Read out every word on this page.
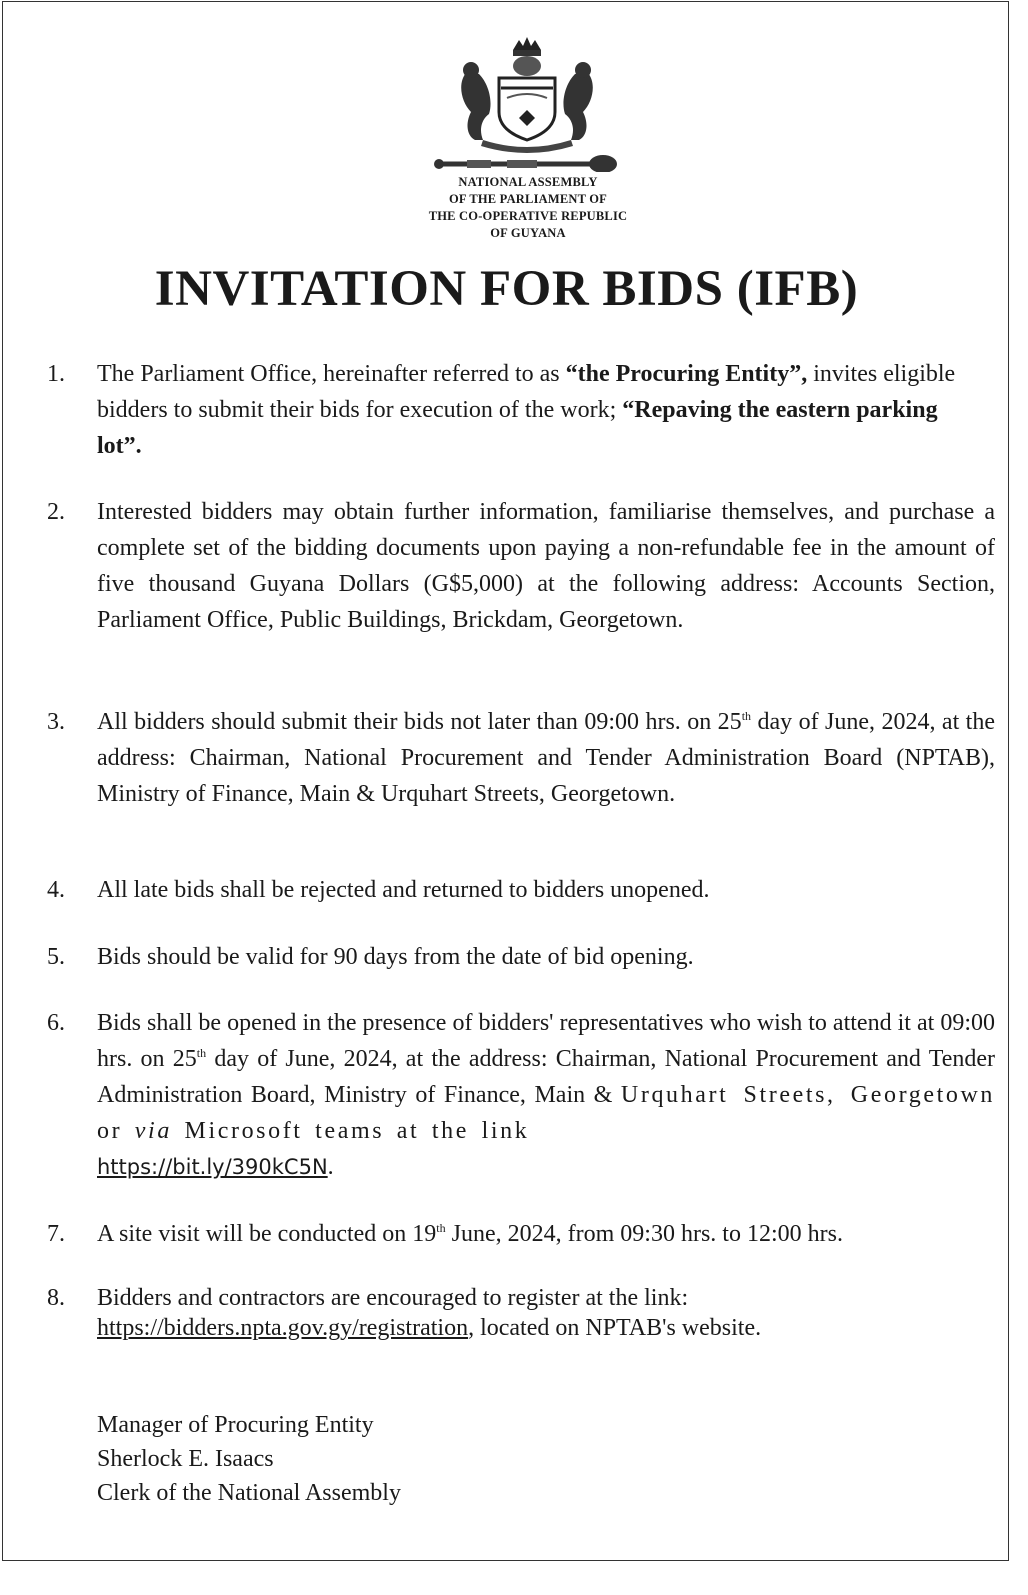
NATIONAL ASSEMBLY
OF THE PARLIAMENT OF
THE CO-OPERATIVE REPUBLIC
OF GUYANA
INVITATION FOR BIDS (IFB)
1. The Parliament Office, hereinafter referred to as “the Procuring Entity”, invites eligible bidders to submit their bids for execution of the work; “Repaving the eastern parking lot”.
2. Interested bidders may obtain further information, familiarise themselves, and purchase a complete set of the bidding documents upon paying a non-refundable fee in the amount of five thousand Guyana Dollars (G$5,000) at the following address: Accounts Section, Parliament Office, Public Buildings, Brickdam, Georgetown.
3. All bidders should submit their bids not later than 09:00 hrs. on 25th day of June, 2024, at the address: Chairman, National Procurement and Tender Administration Board (NPTAB), Ministry of Finance, Main & Urquhart Streets, Georgetown.
4. All late bids shall be rejected and returned to bidders unopened.
5. Bids should be valid for 90 days from the date of bid opening.
6. Bids shall be opened in the presence of bidders' representatives who wish to attend it at 09:00 hrs. on 25th day of June, 2024, at the address: Chairman, National Procurement and Tender Administration Board, Ministry of Finance, Main & Urquhart Streets, Georgetown or via Microsoft teams at the link
https://bit.ly/390kC5N.
7. A site visit will be conducted on 19th June, 2024, from 09:30 hrs. to 12:00 hrs.
8. Bidders and contractors are encouraged to register at the link:
https://bidders.npta.gov.gy/registration, located on NPTAB's website.
Manager of Procuring Entity
Sherlock E. Isaacs
Clerk of the National Assembly
